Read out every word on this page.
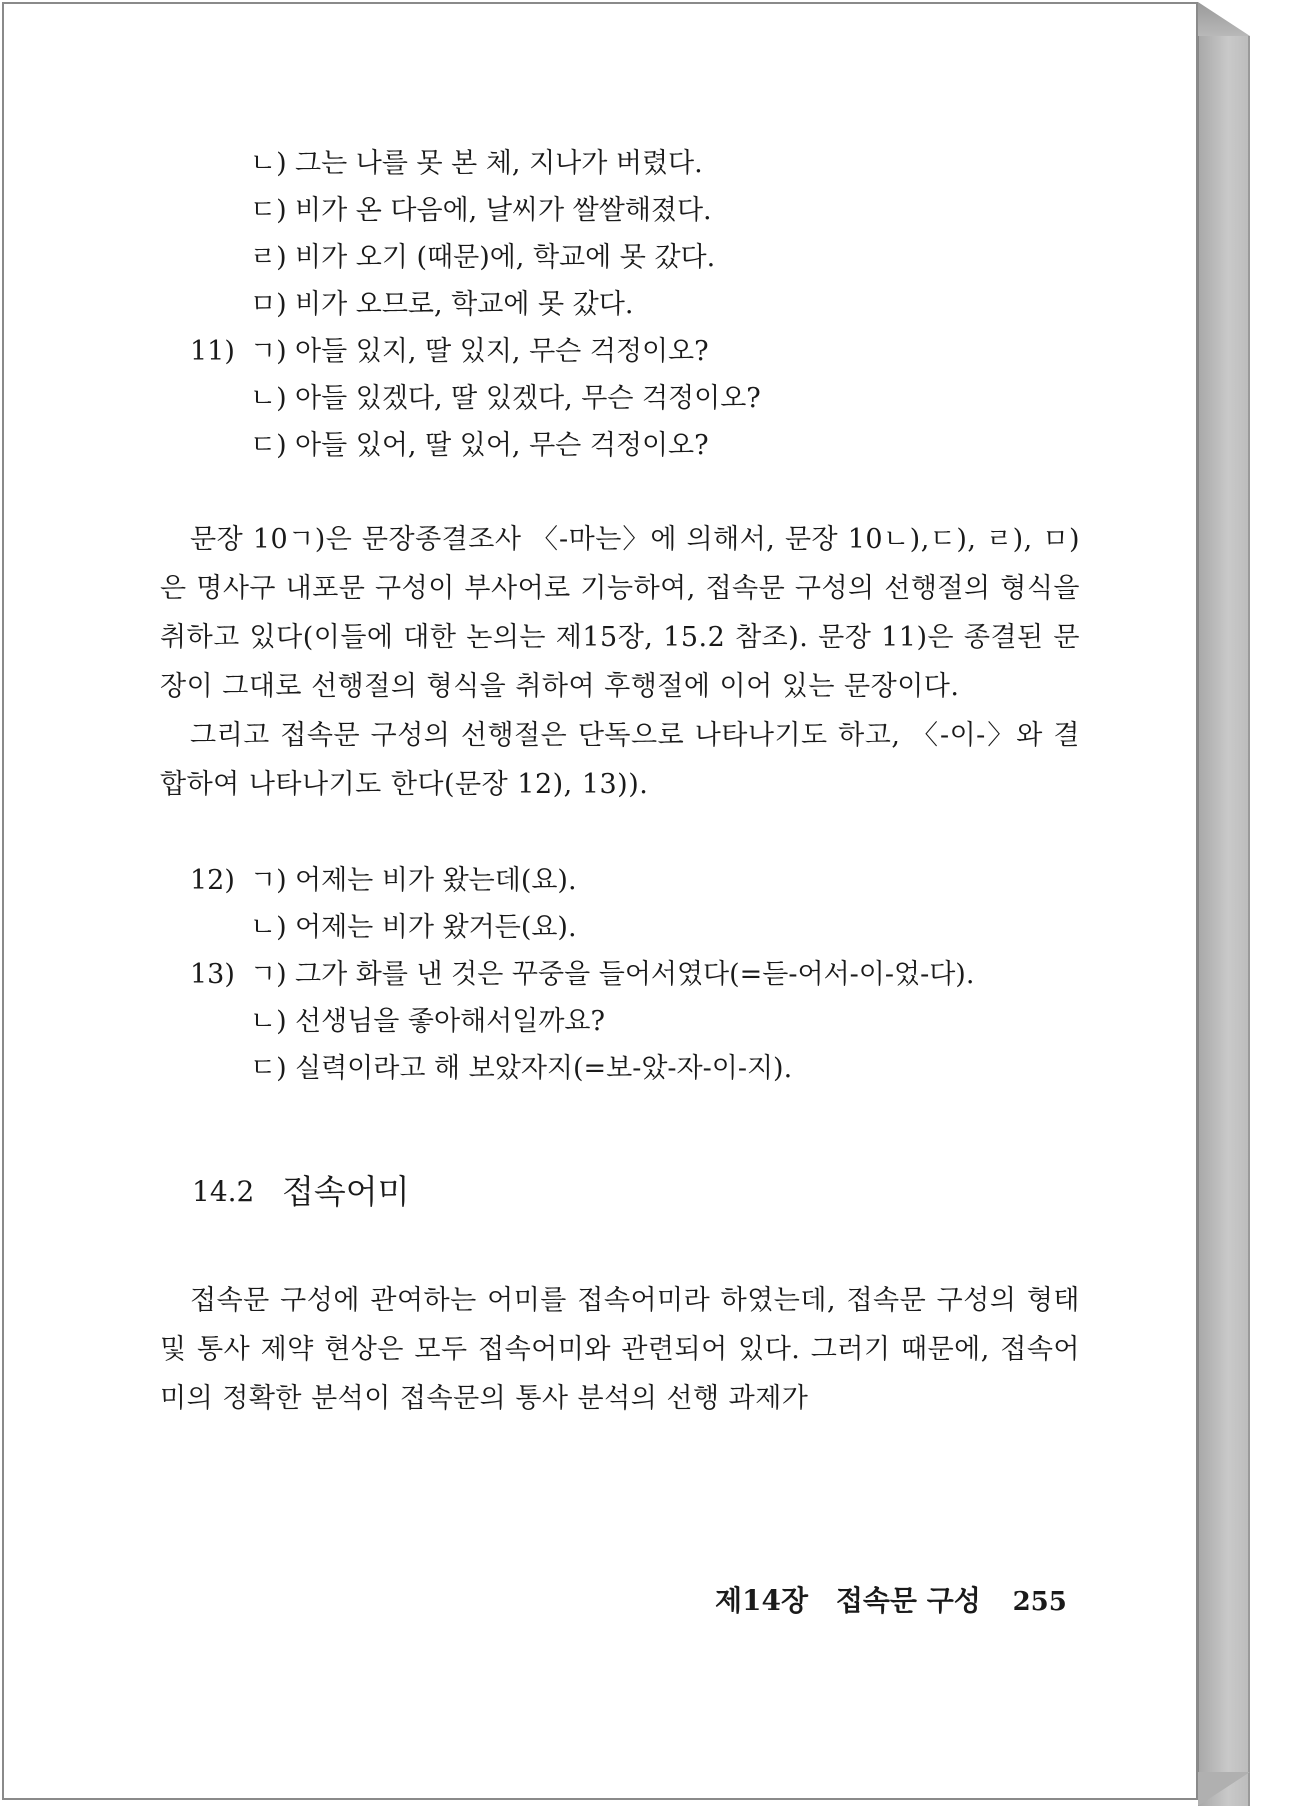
ㄴ) 그는 나를 못 본 체, 지나가 버렸다.
ㄷ) 비가 온 다음에, 날씨가 쌀쌀해졌다.
ㄹ) 비가 오기 (때문)에, 학교에 못 갔다.
ㅁ) 비가 오므로, 학교에 못 갔다.
11) ㄱ) 아들 있지, 딸 있지, 무슨 걱정이오?
ㄴ) 아들 있겠다, 딸 있겠다, 무슨 걱정이오?
ㄷ) 아들 있어, 딸 있어, 무슨 걱정이오?

문장 10ㄱ)은 문장종결조사 〈-마는〉에 의해서, 문장 10ㄴ),ㄷ), ㄹ), ㅁ)은 명사구 내포문 구성이 부사어로 기능하여, 접속문 구성의 선행절의 형식을 취하고 있다(이들에 대한 논의는 제15장, 15.2 참조). 문장 11)은 종결된 문장이 그대로 선행절의 형식을 취하여 후행절에 이어 있는 문장이다.

그리고 접속문 구성의 선행절은 단독으로 나타나기도 하고, 〈-이-〉와 결합하여 나타나기도 한다(문장 12), 13)).

12) ㄱ) 어제는 비가 왔는데(요).
ㄴ) 어제는 비가 왔거든(요).
13) ㄱ) 그가 화를 낸 것은 꾸중을 들어서였다(=듣-어서-이-었-다).
ㄴ) 선생님을 좋아해서일까요?
ㄷ) 실력이라고 해 보았자지(=보-았-자-이-지).
14.2 접속어미

접속문 구성에 관여하는 어미를 접속어미라 하였는데, 접속문 구성의 형태 및 통사 제약 현상은 모두 접속어미와 관련되어 있다. 그러기 때문에, 접속어미의 정확한 분석이 접속문의 통사 분석의 선행 과제가

제14장 접속문 구성 255
